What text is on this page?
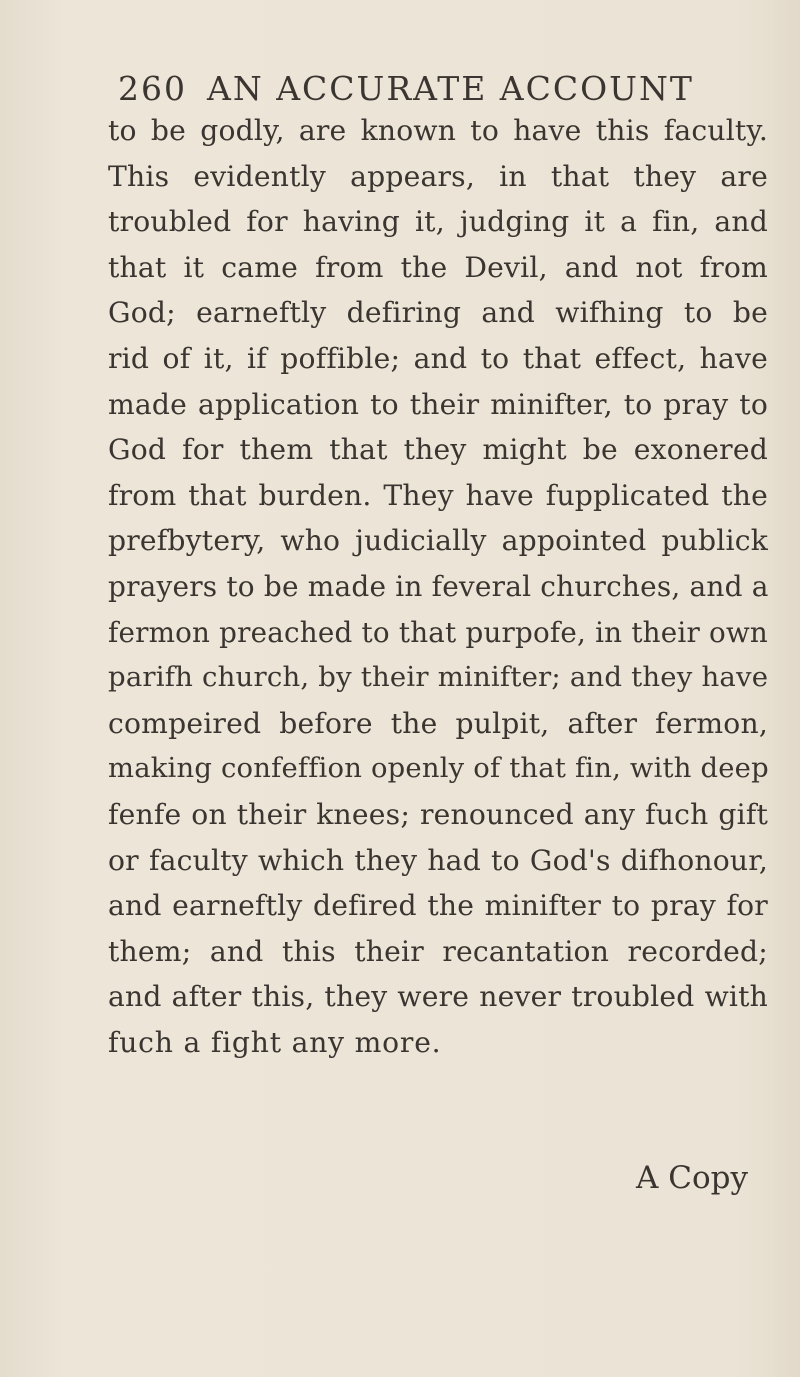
260 AN ACCURATE ACCOUNT
to be godly, are known to have this faculty.
This evidently appears, in that they are
troubled for having it, judging it a fin, and
that it came from the Devil, and not from
God; earneftly defiring and wifhing to be
rid of it, if poffible; and to that effect, have
made application to their minifter, to pray to
God for them that they might be exonered
from that burden. They have fupplicated the
prefbytery, who judicially appointed publick
prayers to be made in feveral churches, and a
fermon preached to that purpofe, in their own
parifh church, by their minifter; and they have
compeired before the pulpit, after fermon,
making confeffion openly of that fin, with deep
fenfe on their knees; renounced any fuch gift
or faculty which they had to God's difhonour,
and earneftly defired the minifter to pray for
them; and this their recantation recorded;
and after this, they were never troubled with
fuch a fight any more.
A Copy
